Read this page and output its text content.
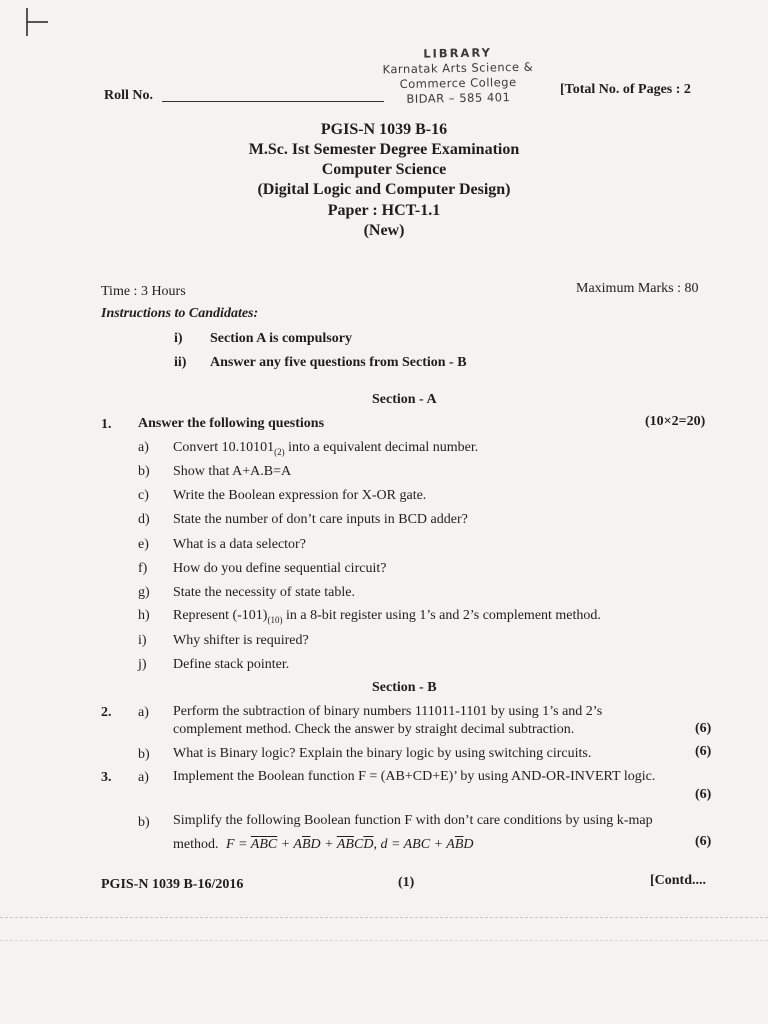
LIBRARY
Karnatak Arts Science &
Commerce College
BIDAR – 585 401
Roll No.	[Total No. of Pages : 2
PGIS-N 1039 B-16
M.Sc. Ist Semester Degree Examination
Computer Science
(Digital Logic and Computer Design)
Paper : HCT-1.1
(New)
Time : 3 Hours	Maximum Marks : 80
Instructions to Candidates:
i) Section A is compulsory
ii) Answer any five questions from Section - B
Section - A
1. Answer the following questions	(10×2=20)
a) Convert $10.10101_{(2)}$ into a equivalent decimal number.
b) Show that A+A.B=A
c) Write the Boolean expression for X-OR gate.
d) State the number of don’t care inputs in BCD adder?
e) What is a data selector?
f) How do you define sequential circuit?
g) State the necessity of state table.
h) Represent $(-101)_{(10)}$ in a 8-bit register using 1’s and 2’s complement method.
i) Why shifter is required?
j) Define stack pointer.
Section - B
2. a) Perform the subtraction of binary numbers 111011-1101 by using 1’s and 2’s
complement method. Check the answer by straight decimal subtraction.	(6)
b) What is Binary logic? Explain the binary logic by using switching circuits.	(6)
3. a) Implement the Boolean function F = (AB+CD+E)’ by using AND-OR-INVERT logic.
(6)
b) Simplify the following Boolean function F with don’t care conditions by using k-map
method. $F = \overline{A}\overline{B}\overline{C} + A\overline{B}D + \overline{A}\overline{B}C\overline{D}$, d = ABC + $A\overline{B}D$	(6)
PGIS-N 1039 B-16/2016	(1)	[Contd....
